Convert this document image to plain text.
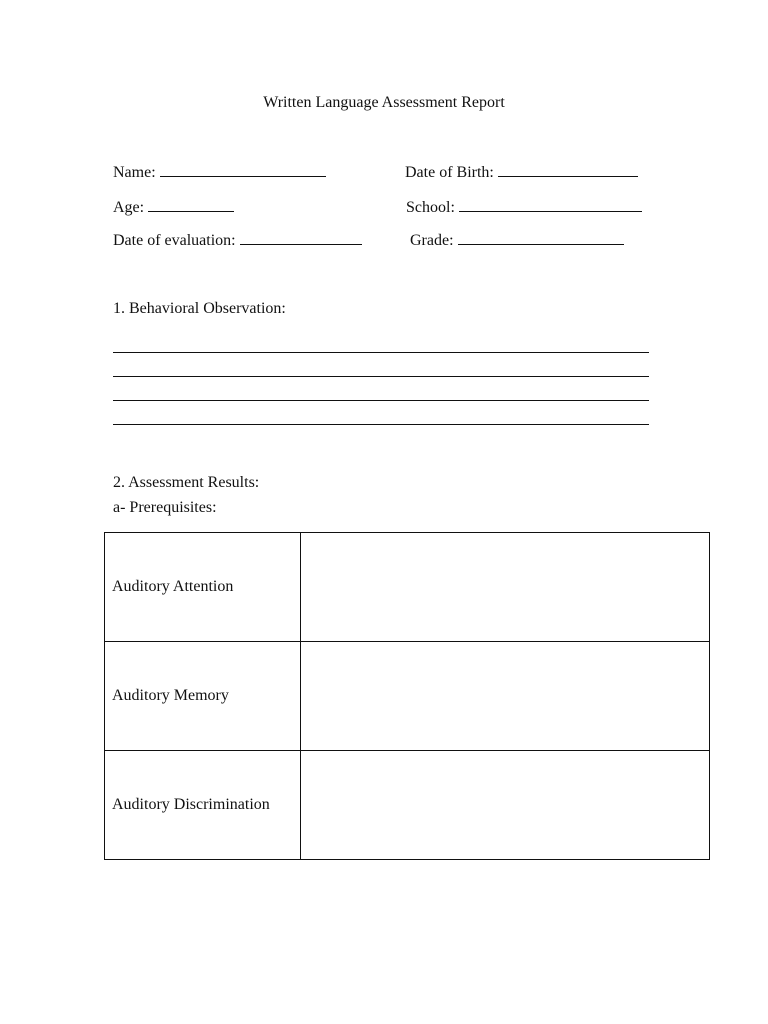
Written Language Assessment Report
Name:	Date of Birth:
Age:	School:
Date of evaluation:	Grade:
1. Behavioral Observation:
2. Assessment Results:
a- Prerequisites:
Auditory Attention	
Auditory Memory	
Auditory Discrimination	
